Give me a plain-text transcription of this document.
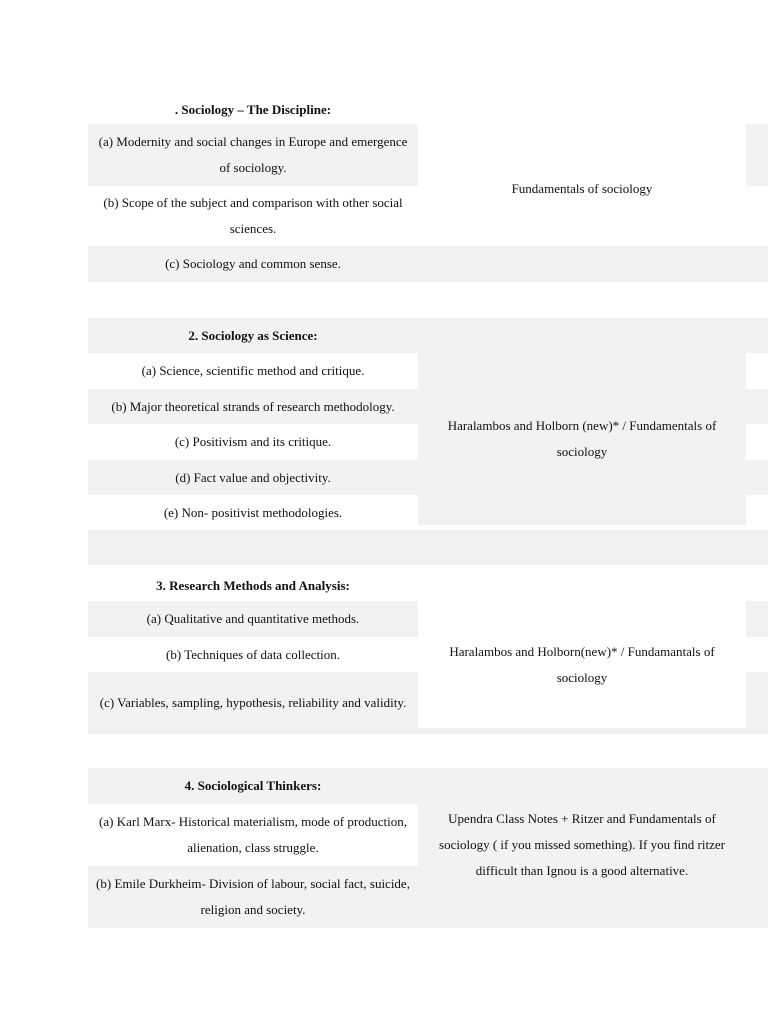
. Sociology – The Discipline:
(a) Modernity and social changes in Europe and emergence of sociology.
(b) Scope of the subject and comparison with other social sciences.
(c) Sociology and common sense.
Fundamentals of sociology
2. Sociology as Science:
(a) Science, scientific method and critique.
(b) Major theoretical strands of research methodology.
(c) Positivism and its critique.
(d) Fact value and objectivity.
(e) Non- positivist methodologies.
Haralambos and Holborn (new)* / Fundamentals of sociology
3. Research Methods and Analysis:
(a) Qualitative and quantitative methods.
(b) Techniques of data collection.
(c) Variables, sampling, hypothesis, reliability and validity.
Haralambos and Holborn(new)* / Fundamantals of sociology
4. Sociological Thinkers:
(a) Karl Marx- Historical materialism, mode of production, alienation, class struggle.
(b) Emile Durkheim- Division of labour, social fact, suicide, religion and society.
Upendra Class Notes + Ritzer and Fundamentals of sociology ( if you missed something). If you find ritzer difficult than Ignou is a good alternative.
